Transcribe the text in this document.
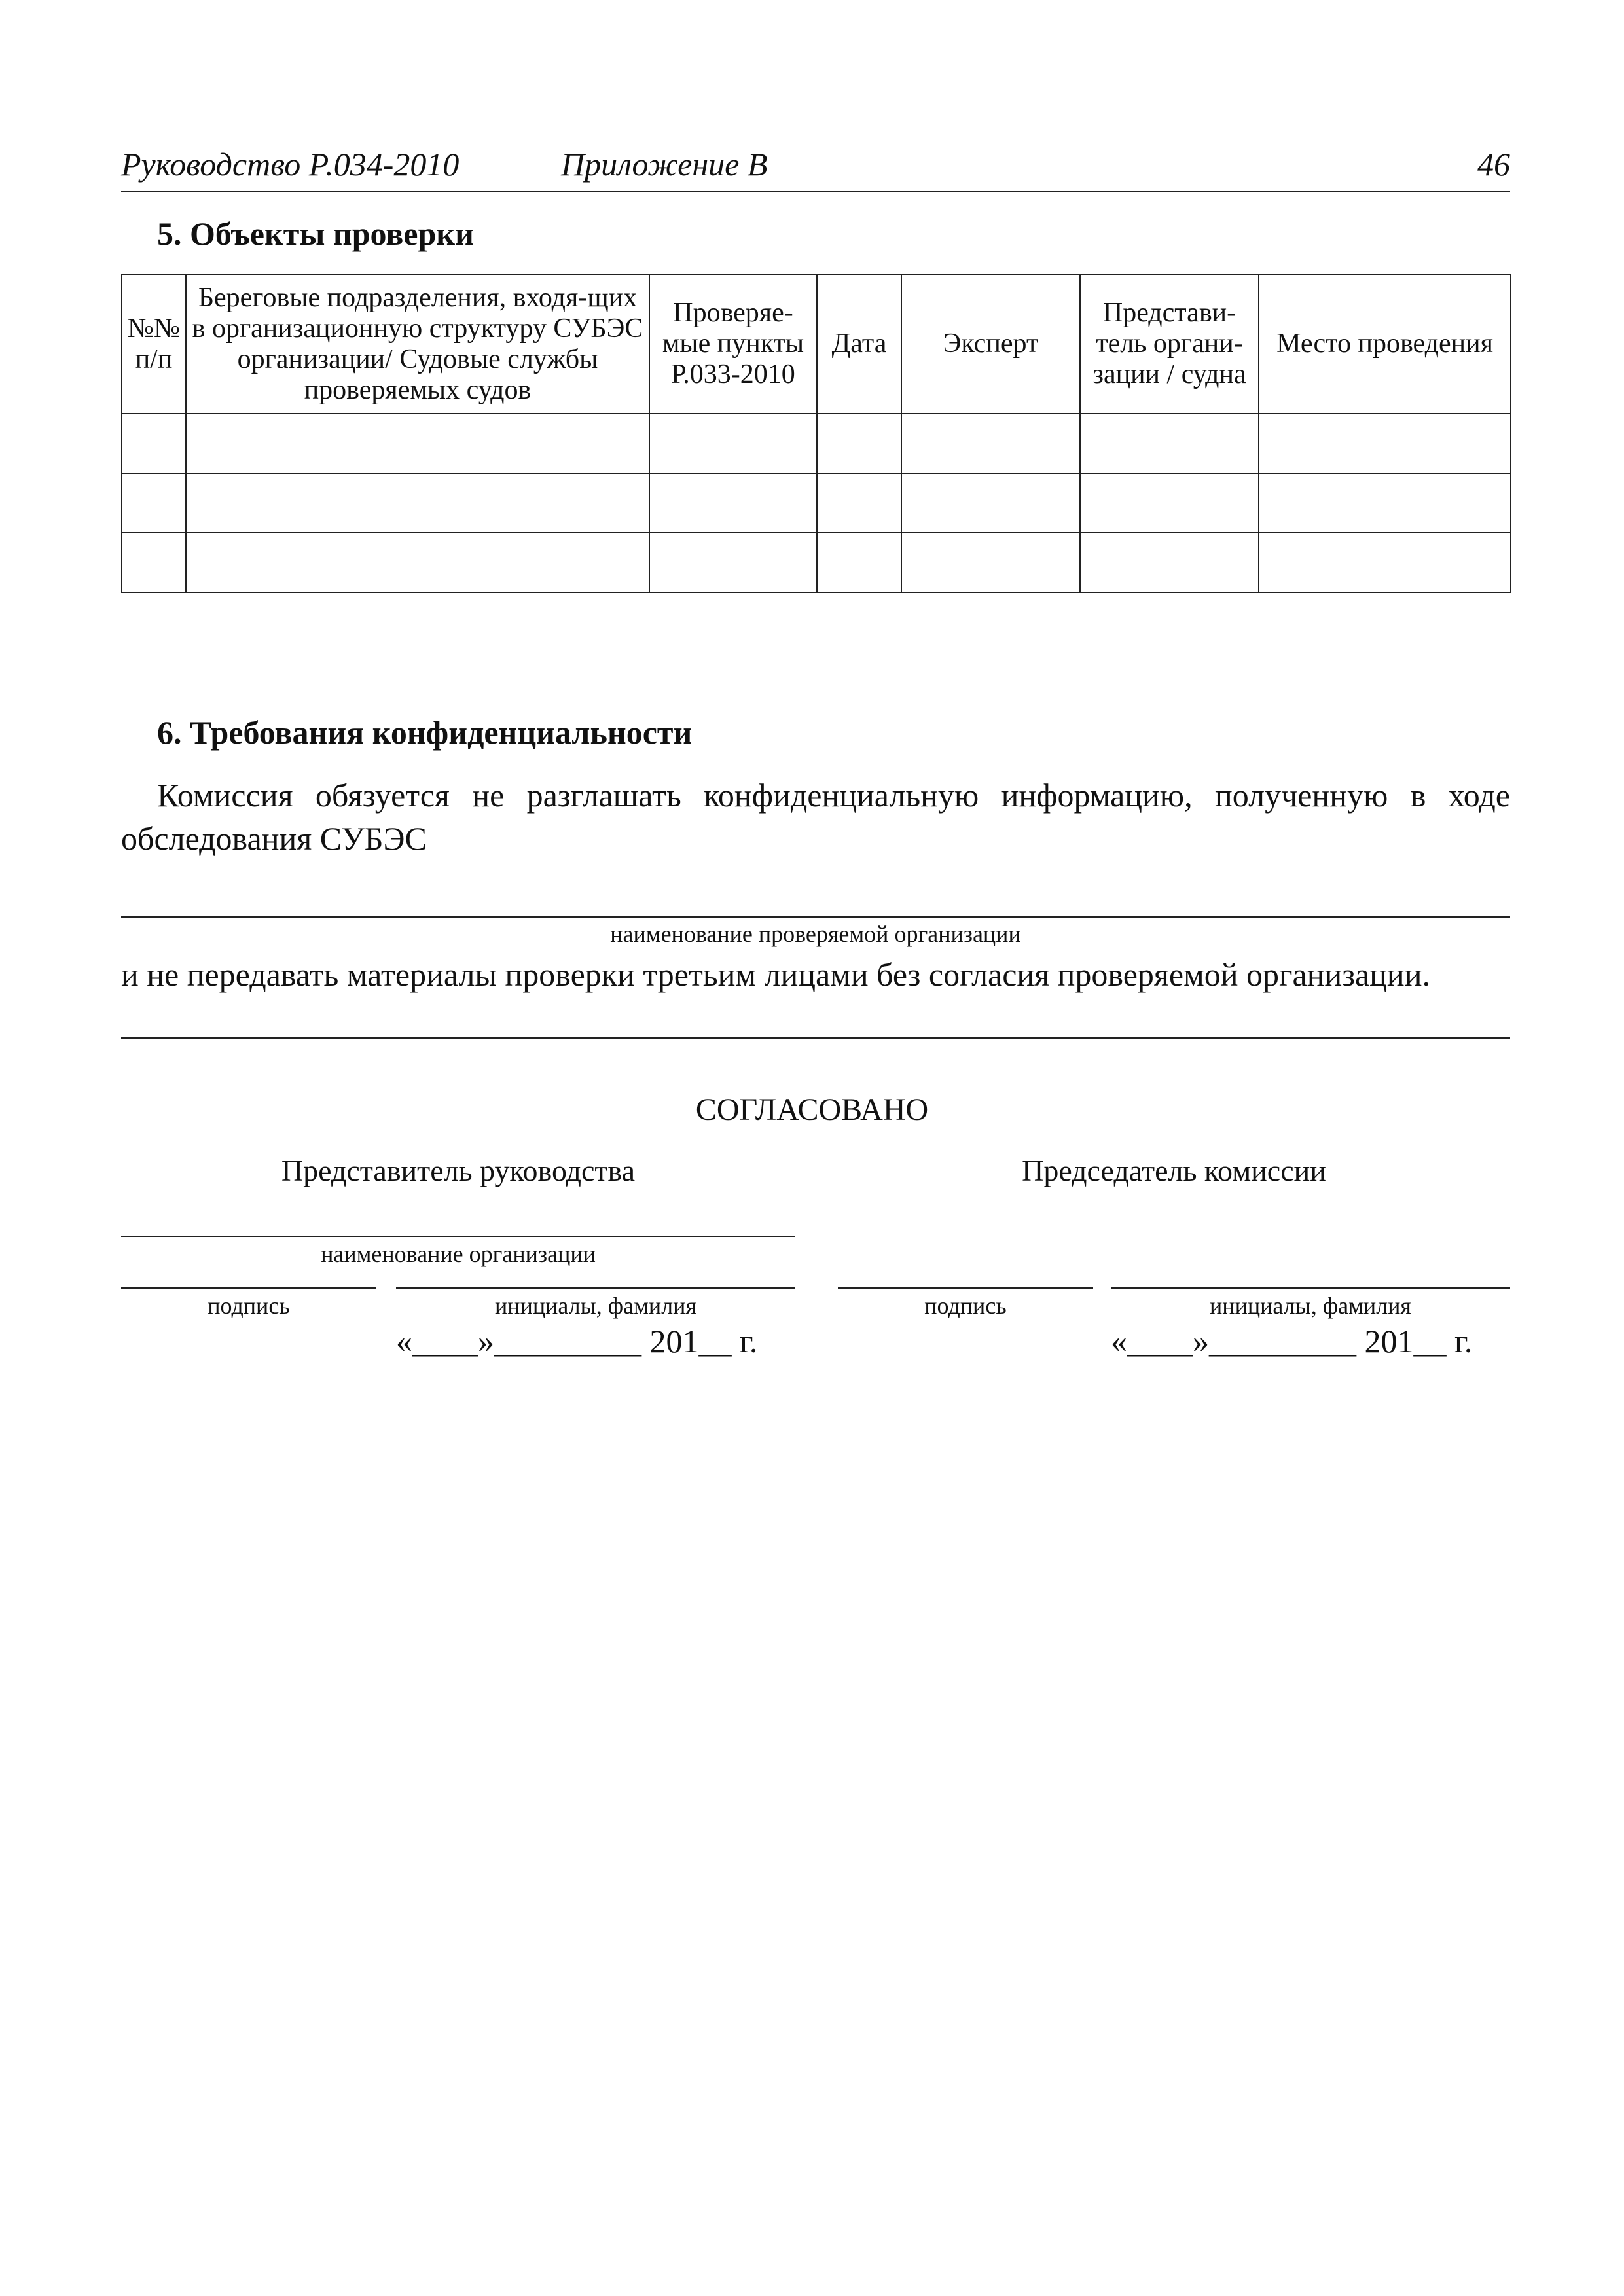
Руководство Р.034-2010	Приложение В	46
5. Объекты проверки
№№ п/п	Береговые подразделения, входя-щих в организационную структуру СУБЭС организации/ Судовые службы проверяемых судов	Проверяе-мые пункты Р.033-2010	Дата	Эксперт	Представи-тель органи-зации / судна	Место проведения

6. Требования конфиденциальности
Комиссия обязуется не разглашать конфиденциальную информацию, полученную в ходе обследования СУБЭС
наименование проверяемой организации
и не передавать материалы проверки третьим лицами без согласия проверяемой организации.
СОГЛАСОВАНО
Представитель руководства	Председатель комиссии
наименование организации
подпись	инициалы, фамилия	подпись	инициалы, фамилия
«____»_________ 201__ г.	«____»_________ 201__ г.
